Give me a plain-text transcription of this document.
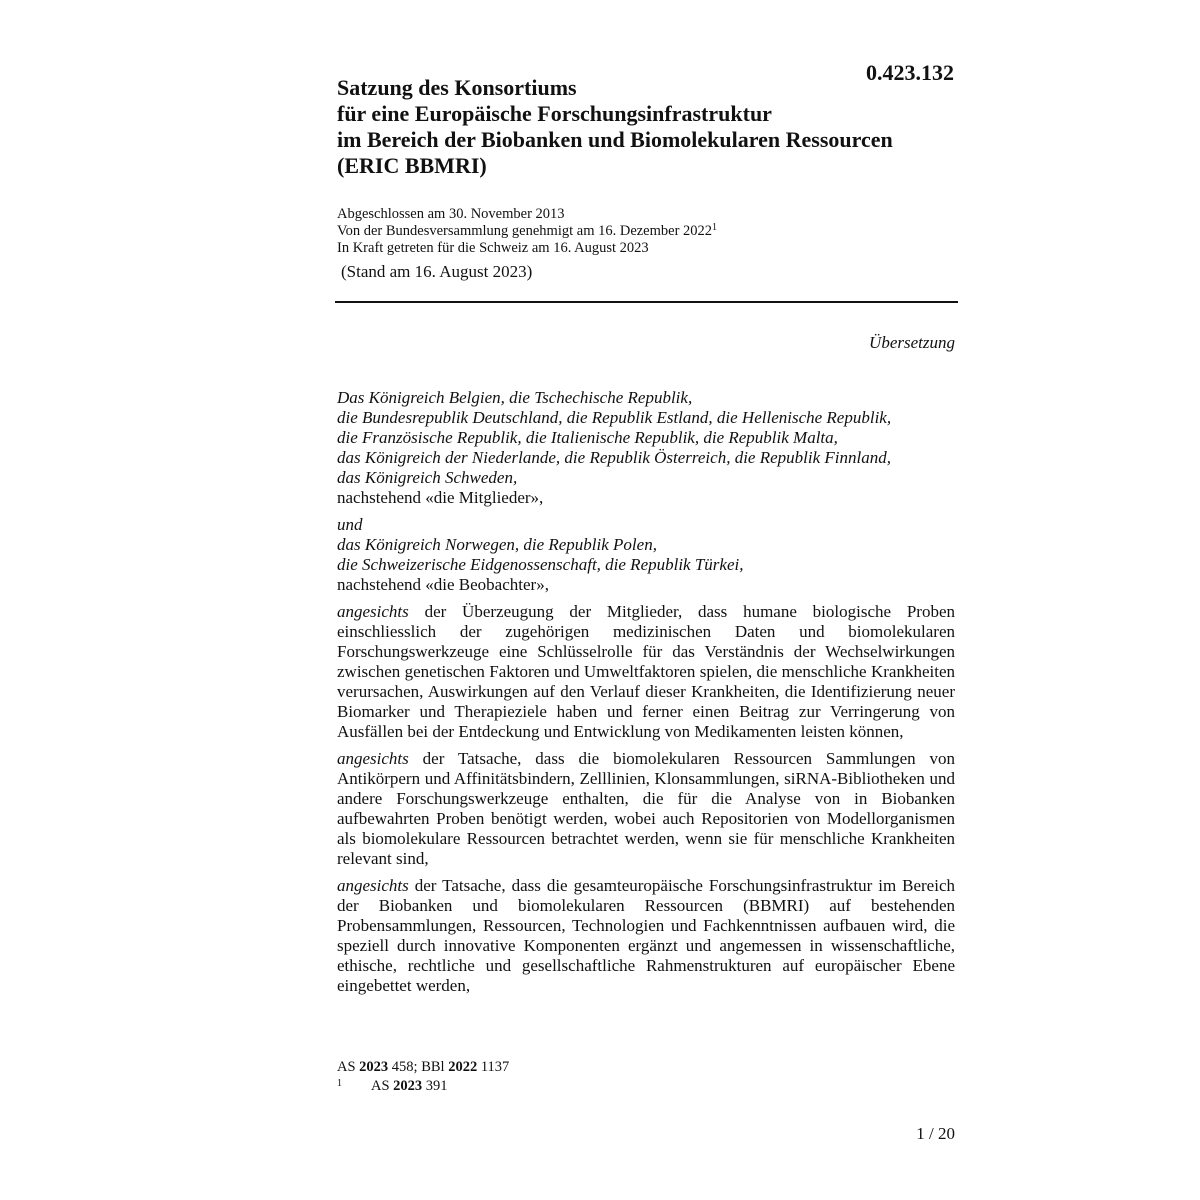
0.423.132
Satzung des Konsortiums
für eine Europäische Forschungsinfrastruktur
im Bereich der Biobanken und Biomolekularen Ressourcen
(ERIC BBMRI)
Abgeschlossen am 30. November 2013
Von der Bundesversammlung genehmigt am 16. Dezember 2022$^1$
In Kraft getreten für die Schweiz am 16. August 2023
(Stand am 16. August 2023)
Übersetzung
Das Königreich Belgien, die Tschechische Republik,
die Bundesrepublik Deutschland, die Republik Estland, die Hellenische Republik,
die Französische Republik, die Italienische Republik, die Republik Malta,
das Königreich der Niederlande, die Republik Österreich, die Republik Finnland,
das Königreich Schweden,
nachstehend «die Mitglieder»,
und
das Königreich Norwegen, die Republik Polen,
die Schweizerische Eidgenossenschaft, die Republik Türkei,
nachstehend «die Beobachter»,
angesichts der Überzeugung der Mitglieder, dass humane biologische Proben einschliesslich der zugehörigen medizinischen Daten und biomolekularen Forschungswerkzeuge eine Schlüsselrolle für das Verständnis der Wechselwirkungen zwischen genetischen Faktoren und Umweltfaktoren spielen, die menschliche Krankheiten verursachen, Auswirkungen auf den Verlauf dieser Krankheiten, die Identifizierung neuer Biomarker und Therapieziele haben und ferner einen Beitrag zur Verringerung von Ausfällen bei der Entdeckung und Entwicklung von Medikamenten leisten können,
angesichts der Tatsache, dass die biomolekularen Ressourcen Sammlungen von Antikörpern und Affinitätsbindern, Zelllinien, Klonsammlungen, siRNA-Bibliotheken und andere Forschungswerkzeuge enthalten, die für die Analyse von in Biobanken aufbewahrten Proben benötigt werden, wobei auch Repositorien von Modellorganismen als biomolekulare Ressourcen betrachtet werden, wenn sie für menschliche Krankheiten relevant sind,
angesichts der Tatsache, dass die gesamteuropäische Forschungsinfrastruktur im Bereich der Biobanken und biomolekularen Ressourcen (BBMRI) auf bestehenden Probensammlungen, Ressourcen, Technologien und Fachkenntnissen aufbauen wird, die speziell durch innovative Komponenten ergänzt und angemessen in wissenschaftliche, ethische, rechtliche und gesellschaftliche Rahmenstrukturen auf europäischer Ebene eingebettet werden,
AS 2023 458; BBl 2022 1137
1	AS 2023 391
1 / 20
